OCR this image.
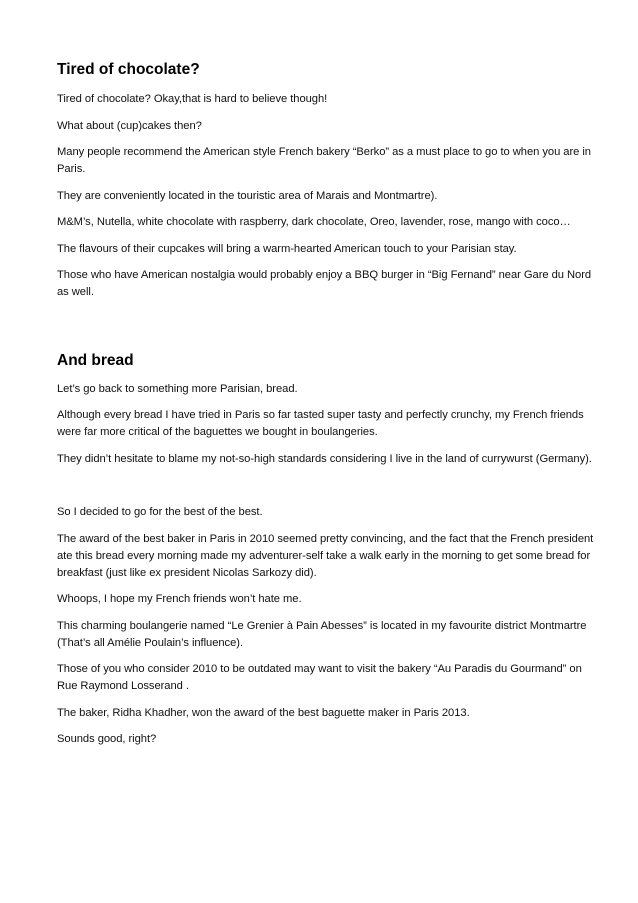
Tired of chocolate?

Tired of chocolate? Okay,that is hard to believe though!

What about (cup)cakes then?

Many people recommend the American style French bakery “Berko” as a must place to go to when you are in Paris.

They are conveniently located in the touristic area of Marais and Montmartre).

M&M’s, Nutella, white chocolate with raspberry, dark chocolate, Oreo, lavender, rose, mango with coco…

The flavours of their cupcakes will bring a warm-hearted American touch to your Parisian stay.

Those who have American nostalgia would probably enjoy a BBQ burger in “Big Fernand” near Gare du Nord as well.

And bread

Let’s go back to something more Parisian, bread.

Although every bread I have tried in Paris so far tasted super tasty and perfectly crunchy, my French friends were far more critical of the baguettes we bought in boulangeries.

They didn’t hesitate to blame my not-so-high standards considering I live in the land of currywurst (Germany).

So I decided to go for the best of the best.

The award of the best baker in Paris in 2010 seemed pretty convincing, and the fact that the French president ate this bread every morning made my adventurer-self take a walk early in the morning to get some bread for breakfast (just like ex president Nicolas Sarkozy did).

Whoops, I hope my French friends won’t hate me.

This charming boulangerie named “Le Grenier à Pain Abesses” is located in my favourite district Montmartre (That’s all Amélie Poulain’s influence).

Those of you who consider 2010 to be outdated may want to visit the bakery “Au Paradis du Gourmand” on Rue Raymond Losserand .

The baker, Ridha Khadher, won the award of the best baguette maker in Paris 2013.

Sounds good, right?
